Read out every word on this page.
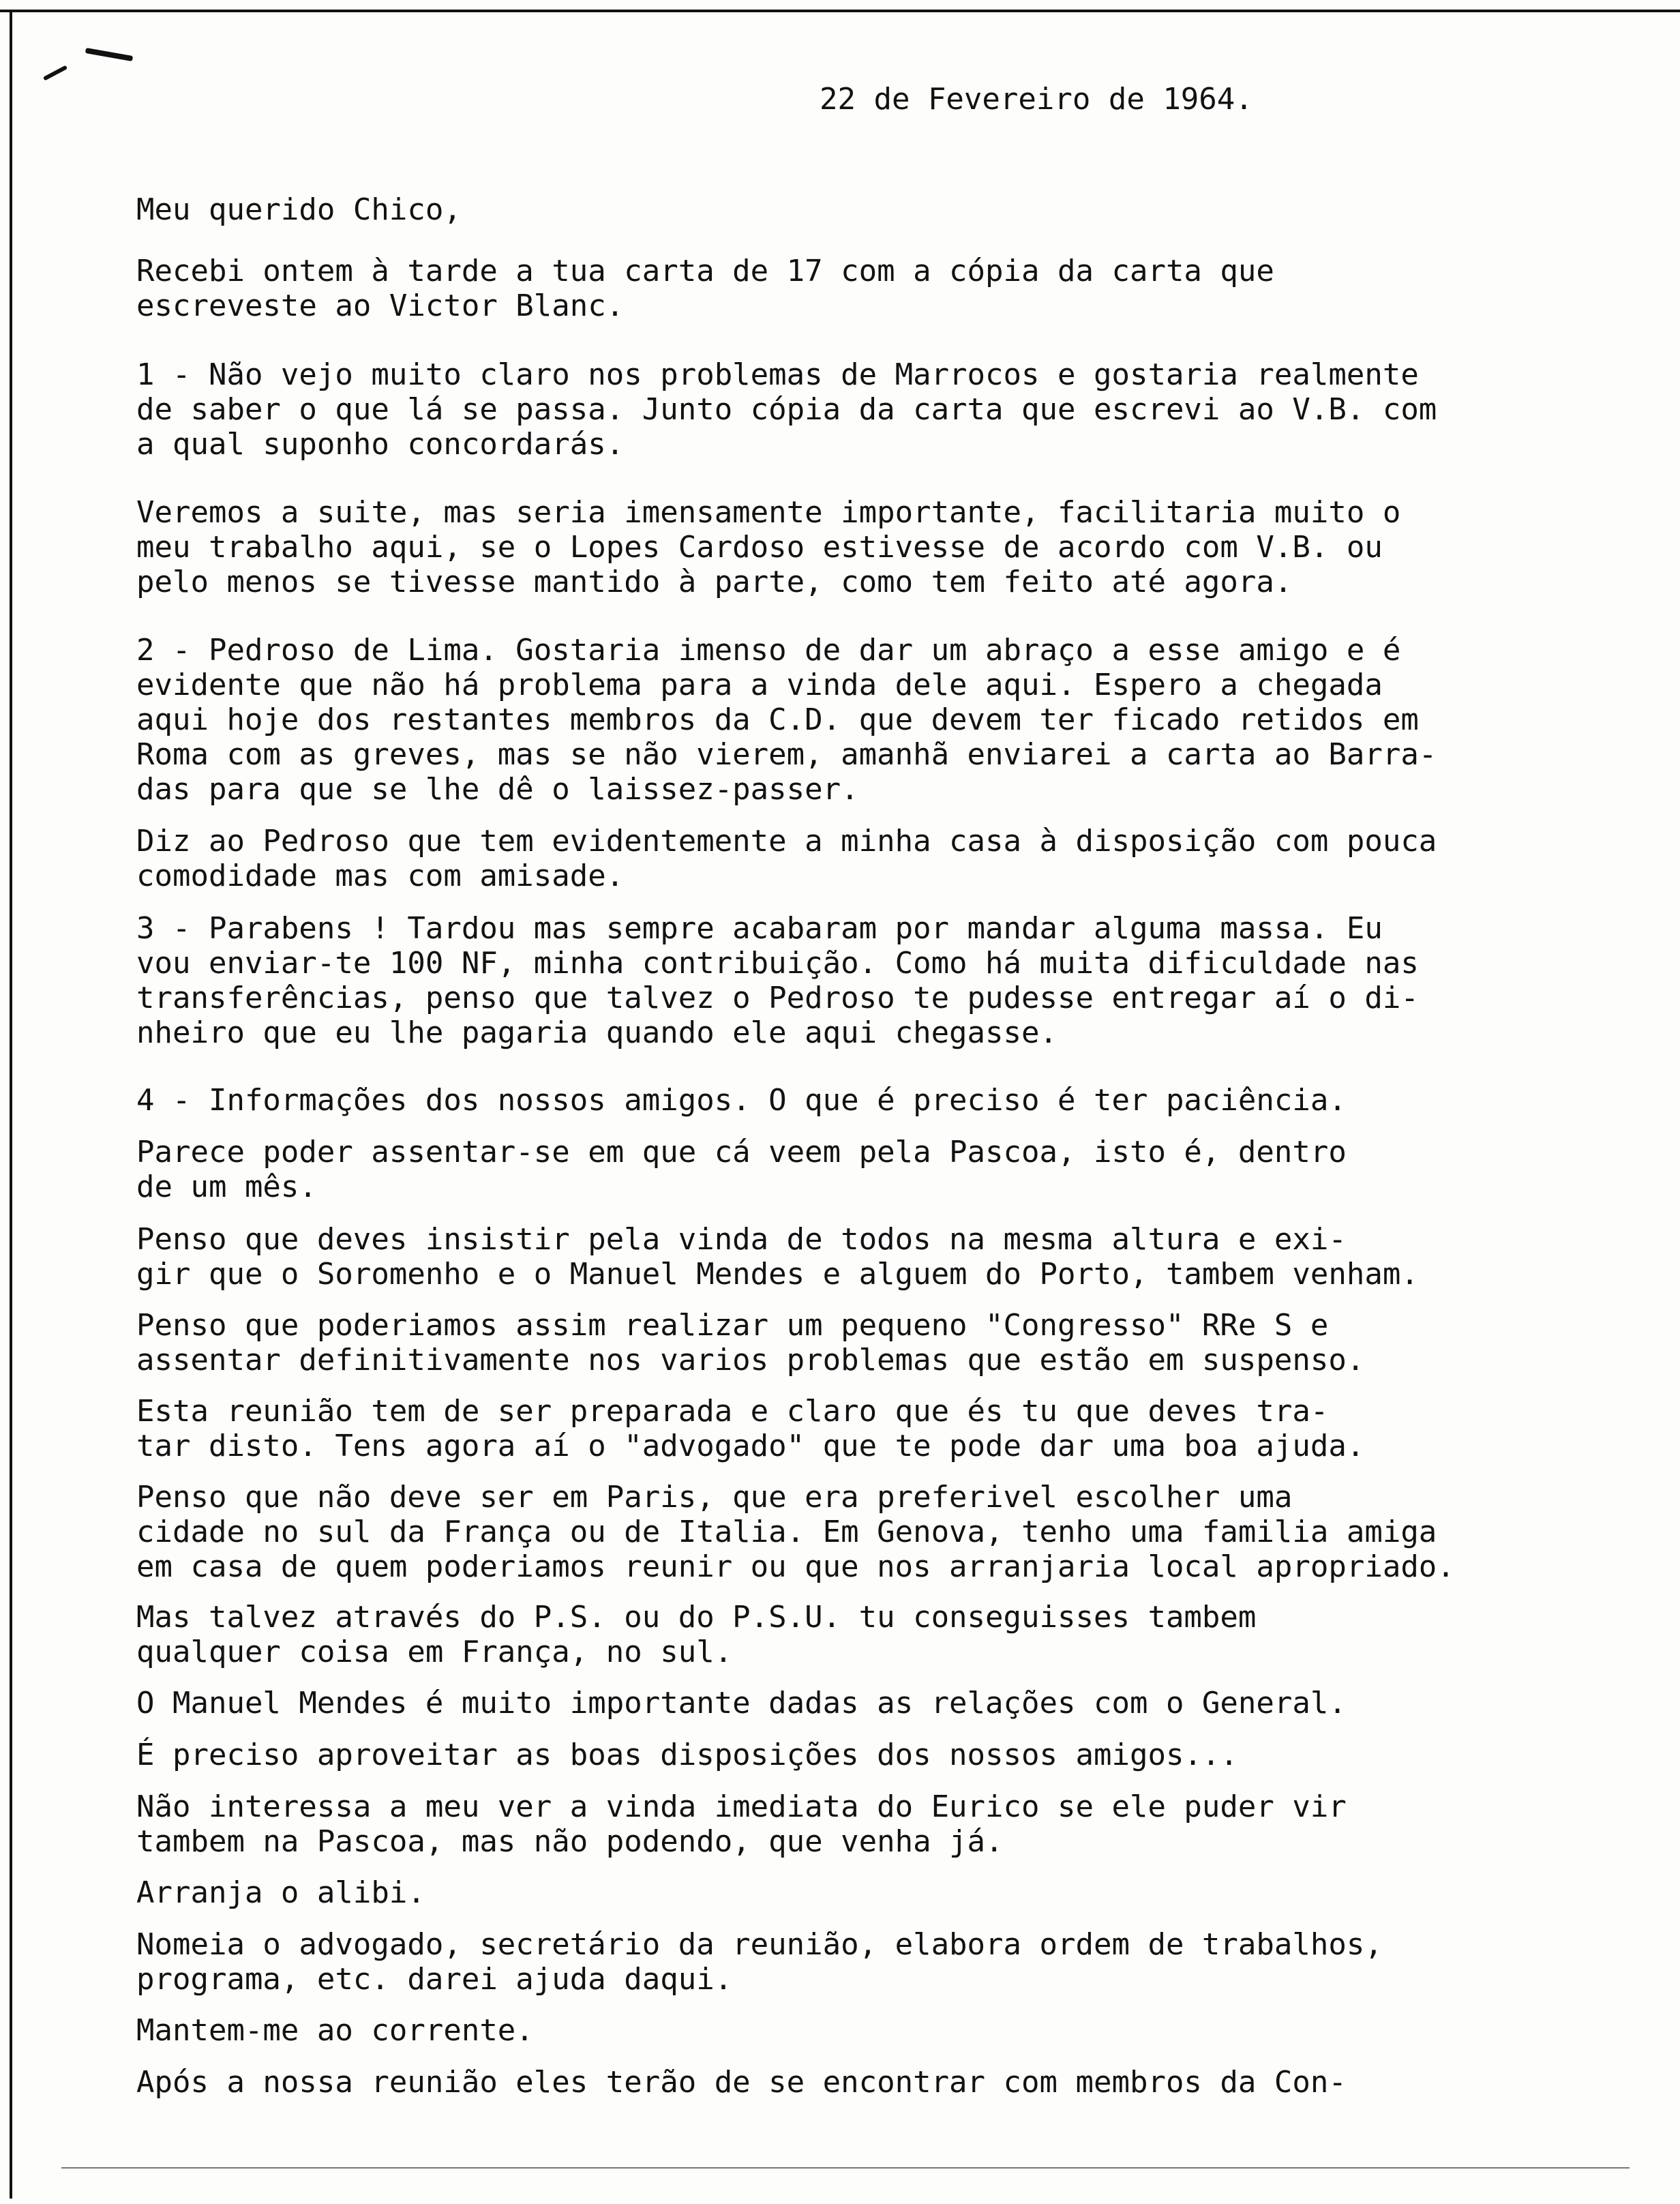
22 de Fevereiro de 1964.
Meu querido Chico,

Recebi ontem à tarde a tua carta de 17 com a cópia da carta que

escreveste ao Victor Blanc.

1 - Não vejo muito claro nos problemas de Marrocos e gostaria realmente

de saber o que lá se passa. Junto cópia da carta que escrevi ao V.B. com

a qual suponho concordarás.

Veremos a suite, mas seria imensamente importante, facilitaria muito o

meu trabalho aqui, se o Lopes Cardoso estivesse de acordo com V.B. ou

pelo menos se tivesse mantido à parte, como tem feito até agora.

2 - Pedroso de Lima. Gostaria imenso de dar um abraço a esse amigo e é

evidente que não há problema para a vinda dele aqui. Espero a chegada

aqui hoje dos restantes membros da C.D. que devem ter ficado retidos em

Roma com as greves, mas se não vierem, amanhã enviarei a carta ao Barra-

das para que se lhe dê o laissez-passer.

Diz ao Pedroso que tem evidentemente a minha casa à disposição com pouca

comodidade mas com amisade.

3 - Parabens ! Tardou mas sempre acabaram por mandar alguma massa. Eu

vou enviar-te 100 NF, minha contribuição. Como há muita dificuldade nas

transferências, penso que talvez o Pedroso te pudesse entregar aí o di-

nheiro que eu lhe pagaria quando ele aqui chegasse.

4 - Informações dos nossos amigos. O que é preciso é ter paciência.

Parece poder assentar-se em que cá veem pela Pascoa, isto é, dentro

de um mês.

Penso que deves insistir pela vinda de todos na mesma altura e exi-

gir que o Soromenho e o Manuel Mendes e alguem do Porto, tambem venham.

Penso que poderiamos assim realizar um pequeno "Congresso" RRe S e

assentar definitivamente nos varios problemas que estão em suspenso.

Esta reunião tem de ser preparada e claro que és tu que deves tra-

tar disto. Tens agora aí o "advogado" que te pode dar uma boa ajuda.

Penso que não deve ser em Paris, que era preferivel escolher uma

cidade no sul da França ou de Italia. Em Genova, tenho uma familia amiga

em casa de quem poderiamos reunir ou que nos arranjaria local apropriado.

Mas talvez através do P.S. ou do P.S.U. tu conseguisses tambem

qualquer coisa em França, no sul.

O Manuel Mendes é muito importante dadas as relações com o General.

É preciso aproveitar as boas disposições dos nossos amigos...

Não interessa a meu ver a vinda imediata do Eurico se ele puder vir

tambem na Pascoa, mas não podendo, que venha já.

Arranja o alibi.

Nomeia o advogado, secretário da reunião, elabora ordem de trabalhos,

programa, etc. darei ajuda daqui.

Mantem-me ao corrente.

Após a nossa reunião eles terão de se encontrar com membros da Con-
